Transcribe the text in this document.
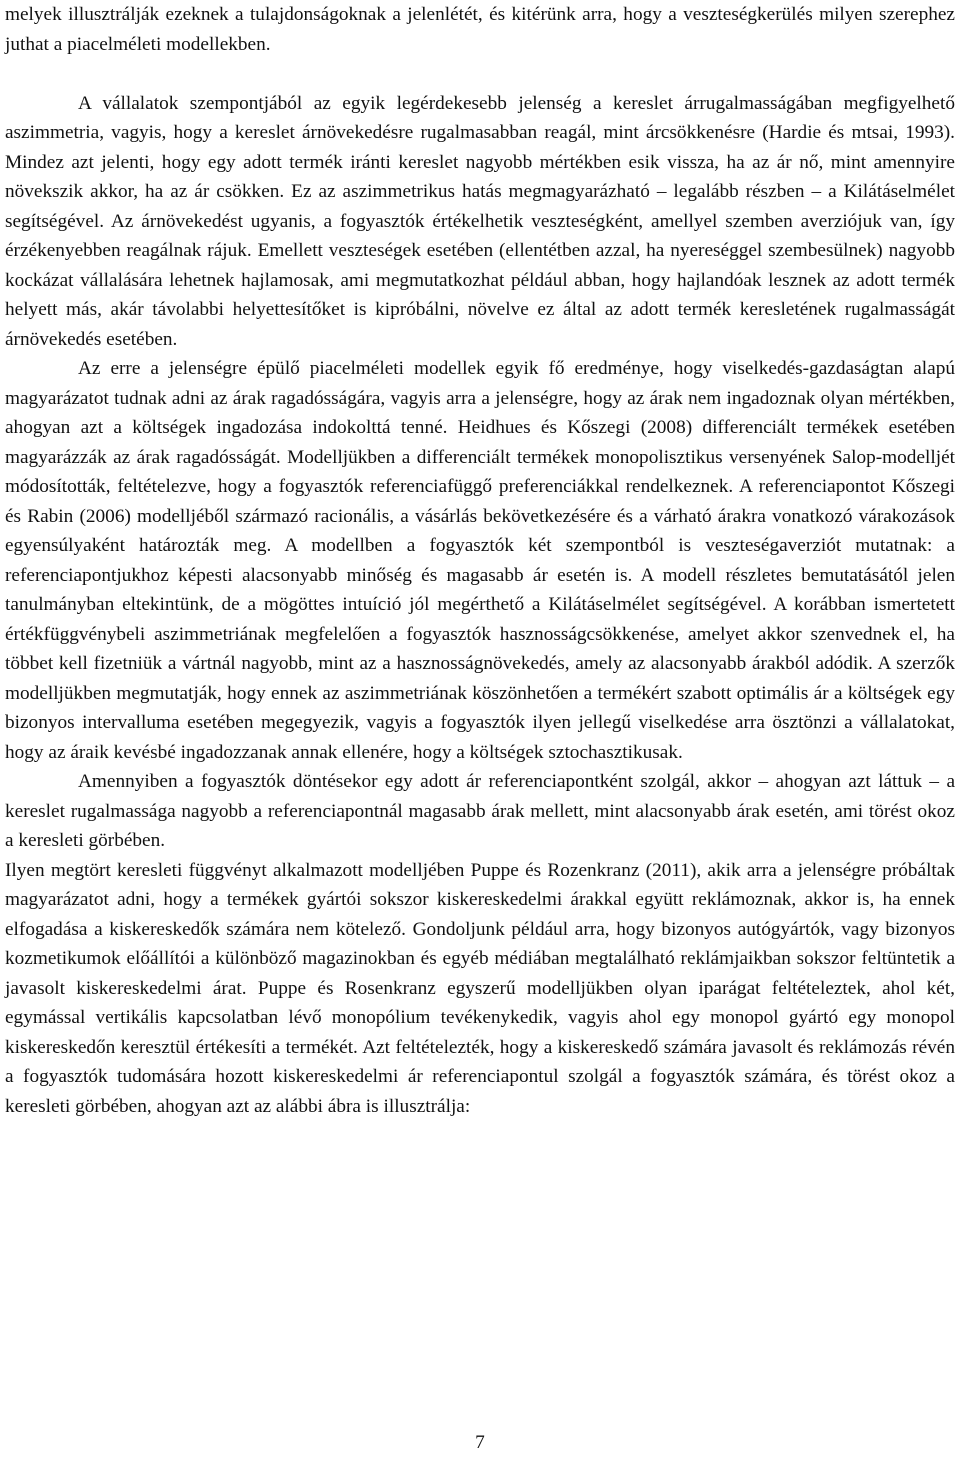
melyek illusztrálják ezeknek a tulajdonságoknak a jelenlétét, és kitérünk arra, hogy a veszteségkerülés milyen szerephez juthat a piacelméleti modellekben.

A vállalatok szempontjából az egyik legérdekesebb jelenség a kereslet árrugalmasságában megfigyelhető aszimmetria, vagyis, hogy a kereslet árnövekedésre rugalmasabban reagál, mint árcsökkenésre (Hardie és mtsai, 1993). Mindez azt jelenti, hogy egy adott termék iránti kereslet nagyobb mértékben esik vissza, ha az ár nő, mint amennyire növekszik akkor, ha az ár csökken. Ez az aszimmetrikus hatás megmagyarázható – legalább részben – a Kilátáselmélet segítségével. Az árnövekedést ugyanis, a fogyasztók értékelhetik veszteségként, amellyel szemben averziójuk van, így érzékenyebben reagálnak rájuk. Emellett veszteségek esetében (ellentétben azzal, ha nyereséggel szembesülnek) nagyobb kockázat vállalására lehetnek hajlamosak, ami megmutatkozhat például abban, hogy hajlandóak lesznek az adott termék helyett más, akár távolabbi helyettesítőket is kipróbálni, növelve ez által az adott termék keresletének rugalmasságát árnövekedés esetében.

Az erre a jelenségre épülő piacelméleti modellek egyik fő eredménye, hogy viselkedés-gazdaságtan alapú magyarázatot tudnak adni az árak ragadósságára, vagyis arra a jelenségre, hogy az árak nem ingadoznak olyan mértékben, ahogyan azt a költségek ingadozása indokolttá tenné. Heidhues és Kőszegi (2008) differenciált termékek esetében magyarázzák az árak ragadósságát. Modelljükben a differenciált termékek monopolisztikus versenyének Salop-modelljét módosították, feltételezve, hogy a fogyasztók referenciafüggő preferenciákkal rendelkeznek. A referenciapontot Kőszegi és Rabin (2006) modelljéből származó racionális, a vásárlás bekövetkezésére és a várható árakra vonatkozó várakozások egyensúlyaként határozták meg. A modellben a fogyasztók két szempontból is veszteségaverziót mutatnak: a referenciapontjukhoz képesti alacsonyabb minőség és magasabb ár esetén is. A modell részletes bemutatásától jelen tanulmányban eltekintünk, de a mögöttes intuíció jól megérthető a Kilátáselmélet segítségével. A korábban ismertetett értékfüggvénybeli aszimmetriának megfelelően a fogyasztók hasznosságcsökkenése, amelyet akkor szenvednek el, ha többet kell fizetniük a vártnál nagyobb, mint az a hasznosságnövekedés, amely az alacsonyabb árakból adódik. A szerzők modelljükben megmutatják, hogy ennek az aszimmetriának köszönhetően a termékért szabott optimális ár a költségek egy bizonyos intervalluma esetében megegyezik, vagyis a fogyasztók ilyen jellegű viselkedése arra ösztönzi a vállalatokat, hogy az áraik kevésbé ingadozzanak annak ellenére, hogy a költségek sztochasztikusak.

Amennyiben a fogyasztók döntésekor egy adott ár referenciapontként szolgál, akkor – ahogyan azt láttuk – a kereslet rugalmassága nagyobb a referenciapontnál magasabb árak mellett, mint alacsonyabb árak esetén, ami törést okoz a keresleti görbében.

Ilyen megtört keresleti függvényt alkalmazott modelljében Puppe és Rozenkranz (2011), akik arra a jelenségre próbáltak magyarázatot adni, hogy a termékek gyártói sokszor kiskereskedelmi árakkal együtt reklámoznak, akkor is, ha ennek elfogadása a kiskereskedők számára nem kötelező. Gondoljunk például arra, hogy bizonyos autógyártók, vagy bizonyos kozmetikumok előállítói a különböző magazinokban és egyéb médiában megtalálható reklámjaikban sokszor feltüntetik a javasolt kiskereskedelmi árat. Puppe és Rosenkranz egyszerű modelljükben olyan iparágat feltételeztek, ahol két, egymással vertikális kapcsolatban lévő monopólium tevékenykedik, vagyis ahol egy monopol gyártó egy monopol kiskereskedőn keresztül értékesíti a termékét. Azt feltételezték, hogy a kiskereskedő számára javasolt és reklámozás révén a fogyasztók tudomására hozott kiskereskedelmi ár referenciapontul szolgál a fogyasztók számára, és törést okoz a keresleti görbében, ahogyan azt az alábbi ábra is illusztrálja:

7
